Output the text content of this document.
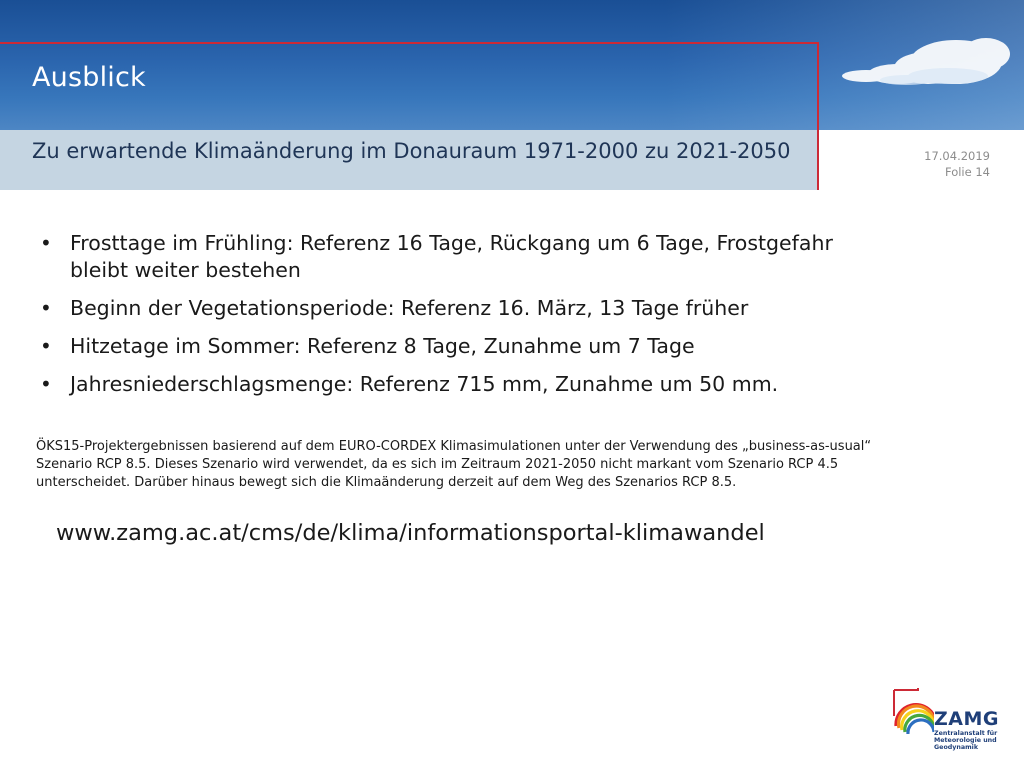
Ausblick
Zu erwartende Klimaänderung im Donauraum 1971-2000 zu 2021-2050	17.04.2019
Folie 14
• Frosttage im Frühling: Referenz 16 Tage, Rückgang um 6 Tage, Frostgefahr bleibt weiter bestehen
• Beginn der Vegetationsperiode: Referenz 16. März, 13 Tage früher
• Hitzetage im Sommer: Referenz 8 Tage, Zunahme um 7 Tage
• Jahresniederschlagsmenge: Referenz 715 mm, Zunahme um 50 mm.
ÖKS15-Projektergebnissen basierend auf dem EURO-CORDEX Klimasimulationen unter der Verwendung des „business-as-usual“ Szenario RCP 8.5. Dieses Szenario wird verwendet, da es sich im Zeitraum 2021-2050 nicht markant vom Szenario RCP 4.5 unterscheidet. Darüber hinaus bewegt sich die Klimaänderung derzeit auf dem Weg des Szenarios RCP 8.5.
www.zamg.ac.at/cms/de/klima/informationsportal-klimawandel
ZAMG
Zentralanstalt für Meteorologie und Geodynamik
